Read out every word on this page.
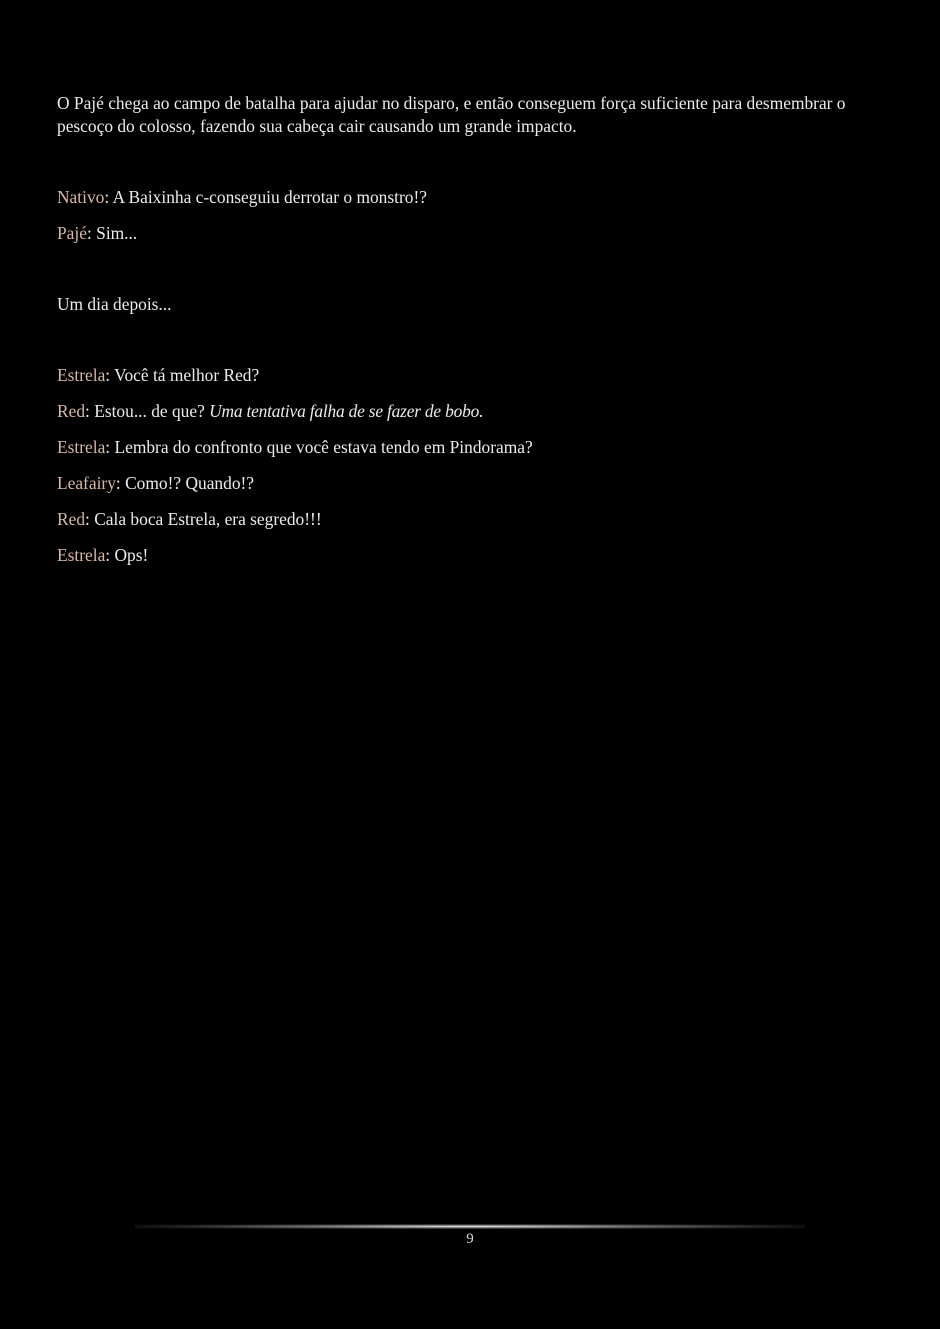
O Pajé chega ao campo de batalha para ajudar no disparo, e então conseguem força suficiente para desmembrar o pescoço do colosso, fazendo sua cabeça cair causando um grande impacto.

Nativo: A Baixinha c-conseguiu derrotar o monstro!?

Pajé: Sim...

Um dia depois...

Estrela: Você tá melhor Red?

Red: Estou... de que? Uma tentativa falha de se fazer de bobo.

Estrela: Lembra do confronto que você estava tendo em Pindorama?

Leafairy: Como!? Quando!?

Red: Cala boca Estrela, era segredo!!!

Estrela: Ops!

9
